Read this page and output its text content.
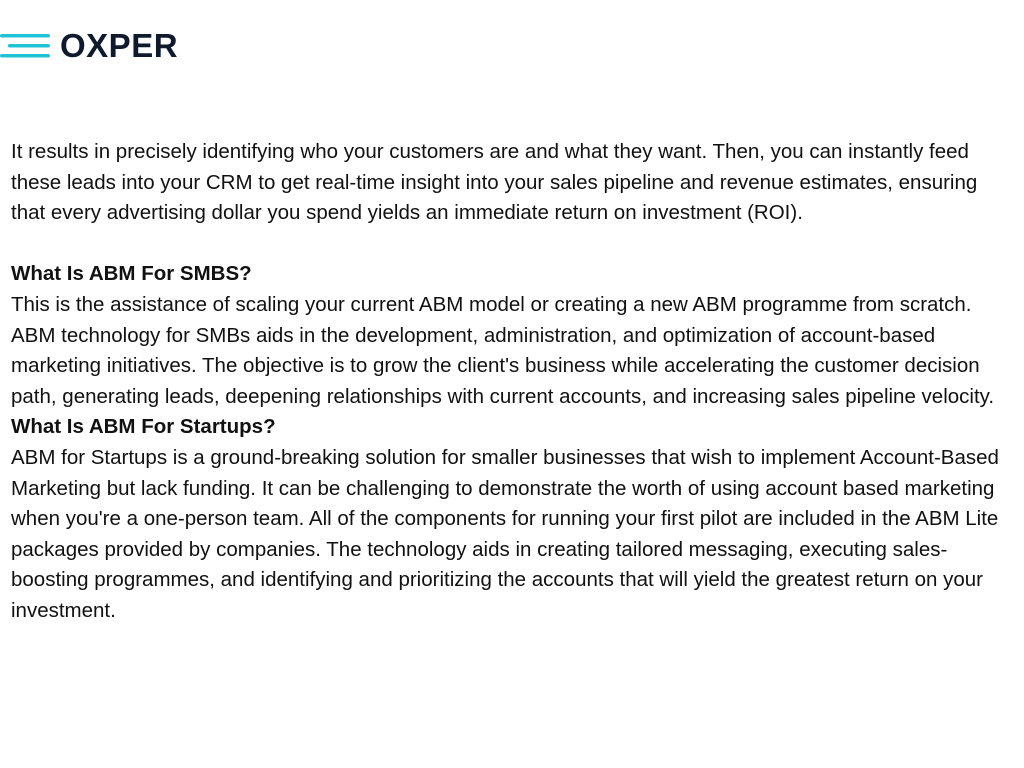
OXPER

It results in precisely identifying who your customers are and what they want. Then, you can instantly feed these leads into your CRM to get real-time insight into your sales pipeline and revenue estimates, ensuring that every advertising dollar you spend yields an immediate return on investment (ROI).

What Is ABM For SMBS?

This is the assistance of scaling your current ABM model or creating a new ABM programme from scratch. ABM technology for SMBs aids in the development, administration, and optimization of account-based marketing initiatives. The objective is to grow the client's business while accelerating the customer decision path, generating leads, deepening relationships with current accounts, and increasing sales pipeline velocity.

What Is ABM For Startups?

ABM for Startups is a ground-breaking solution for smaller businesses that wish to implement Account-Based Marketing but lack funding. It can be challenging to demonstrate the worth of using account based marketing when you're a one-person team. All of the components for running your first pilot are included in the ABM Lite packages provided by companies. The technology aids in creating tailored messaging, executing sales-boosting programmes, and identifying and prioritizing the accounts that will yield the greatest return on your investment.
